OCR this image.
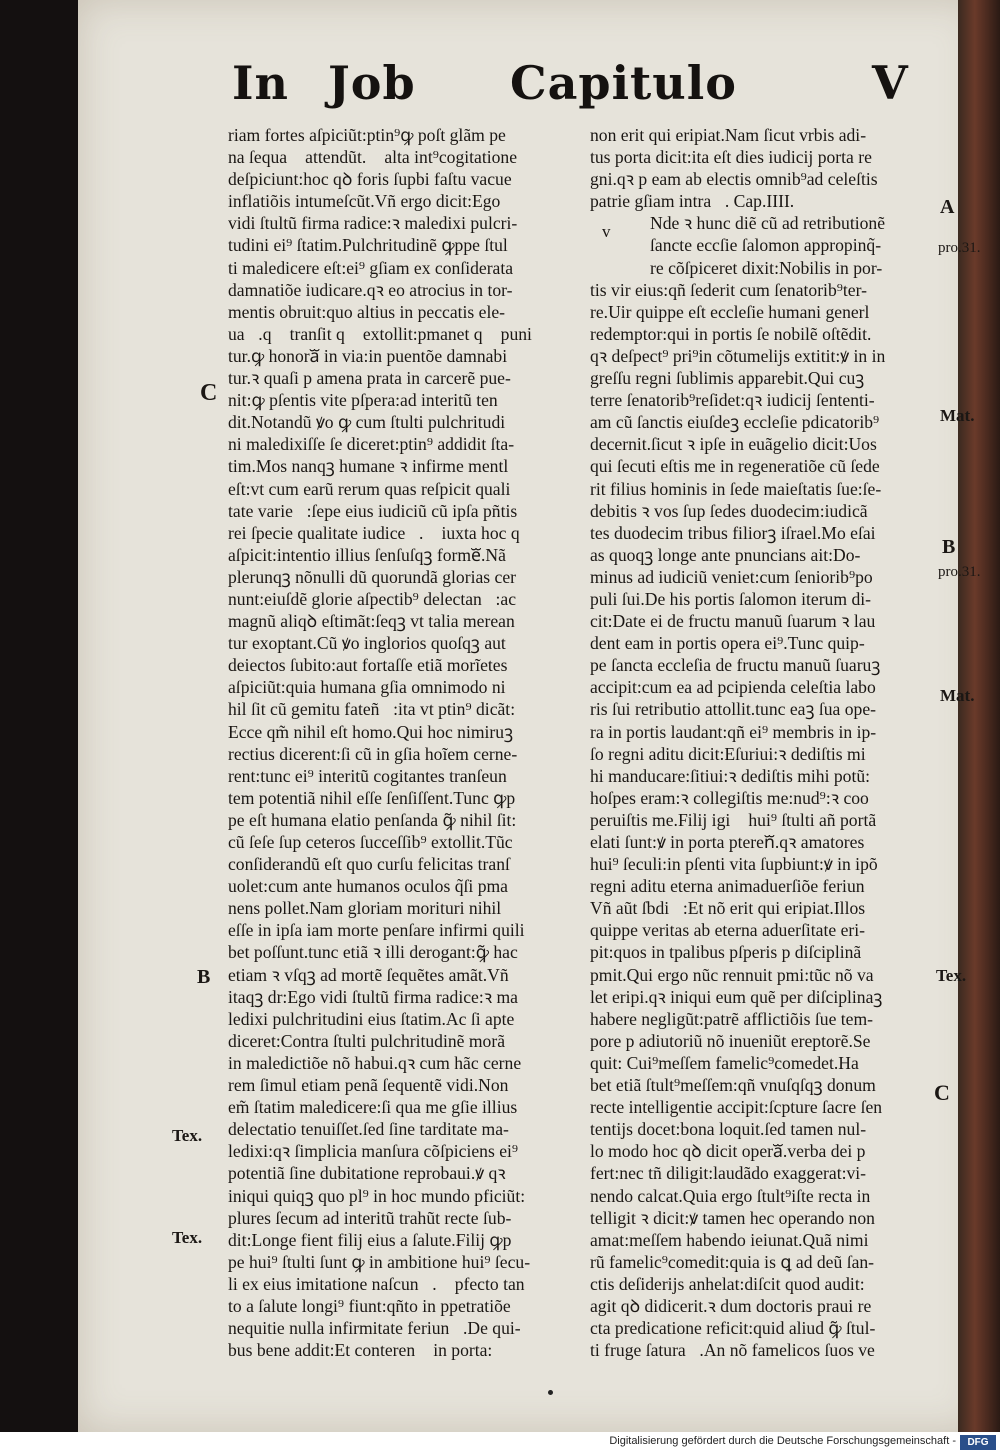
In Job Capitulo	V
riam fortes aſpiciũt:ptin⁹ꝙ poſt glãm pe
na ſequaᷓ attendũt.ꝛ alta int⁹cogitatione
deſpiciunt:hoc qꝺ foris ſupbi faſtu vacue
inflatiõis intumeſcũt.Vñ ergo dicit:Ego
vidi ſtultũ firma radice:ꝛ maledixi pulcri-
tudini ei⁹ ſtatim.Pulchritudinẽ ꝙppe ſtul
ti maledicere eſt:ei⁹ gſiam ex conſiderata
damnatiõe iudicare.qꝛ eo atrocius in tor-
mentis obruit:quo altius in peccatis ele-
uaᷓ.qꝛ tranſit qꝺ extollit:pmanet qꝺ puni
tur.ꝙ honoraᷓ in via:in puentõe damnabi
tur.ꝛ quaſi p amena prata in carcerẽ pue-
nit:ꝙ pſentis vite pſpera:ad interitũ ten
dit.Notandũ ꝟo ꝙ cum ſtulti pulchritudi
ni maledixiſſe ſe diceret:ptin⁹ addidit ſta-
tim.Mos nanqꝫ humane ꝛ infirme mentl
eſt:vt cum earũ rerum quas reſpicit quali
tate varieᷓ:ſepe eius iudiciũ cũ ipſa pñtis
rei ſpecie qualitate iudiceᷓ.ꝛ iuxta hoc qꝺ
aſpicit:intentio illius ſenſuſqꝫ formeᷓ.Nã
plerunqꝫ nõnulli dũ quorundã glorias cer
nunt:eiuſdẽ glorie aſpectib⁹ delectanᷓ:ac
magnũ aliqꝺ eſtimãt:ſeqꝫ vt talia merean
tur exoptant.Cũ ꝟo inglorios quoſqꝫ aut
deiectos ſubito:aut fortaſſe etiã morĩetes
aſpiciũt:quia humana gſia omnimodo ni
hil ſit cũ gemitu fateñᷓ:ita vt ptin⁹ dicãt:
Ecce qm̃ nihil eſt homo.Qui hoc nimiruꝫ
rectius dicerent:ſi cũ in gſia hoĩem cerne-
rent:tunc ei⁹ interitũ cogitantes tranſeun
tem potentiã nihil eſſe ſenſiſſent.Tunc ꝙp
pe eſt humana elatio penſanda ꝙ̃ nihil ſit:
cũ ſeſe ſup ceteros ſucceſſib⁹ extollit.Tũc
conſiderandũ eſt quo curſu felicitas tranſ
uolet:cum ante humanos oculos q̃ſi pma
nens pollet.Nam gloriam morituri nihil
eſſe in ipſa iam morte penſare infirmi quili
bet poſſunt.tunc etiã ꝛ illi derogant:ꝙ̃ hac
etiam ꝛ vſqꝫ ad mortẽ ſequẽtes amãt.Vñ
itaqꝫ dr:Ego vidi ſtultũ firma radice:ꝛ ma
ledixi pulchritudini eius ſtatim.Ac ſi apte
diceret:Contra ſtulti pulchritudinẽ morã
in maledictiõe nõ habui.qꝛ cum hãc cerne
rem ſimul etiam penã ſequentẽ vidi.Non
em̃ ſtatim maledicere:ſi qua me gſie illius
delectatio tenuiſſet.ſed ſine tarditate ma-
ledixi:qꝛ ſimplicia manſura cõſpiciens ei⁹
potentiã ſine dubitatione reprobaui.ꝟ qꝛ
iniqui quiqꝫ quo pl⁹ in hoc mundo pficiũt:
plures ſecum ad interitũ trahũt recte ſub-
dit:Longe fient filij eius a ſalute.Filij ꝙp
pe hui⁹ ſtulti ſunt ꝙ in ambitione hui⁹ ſecu-
li ex eius imitatione naſcunᷓ.ꝙ pfecto tan
to a ſalute longi⁹ fiunt:qñto in ppetratiõe
nequitie nulla infirmitate feriunᷓ.De qui-
bus bene addit:Et conterenᷓ in porta:ꝛ
non erit qui eripiat.Nam ſicut vrbis adi-
tus porta dicit:ita eſt dies iudicij porta re
gni.qꝛ p eam ab electis omnib⁹ad celeſtis
patrie gſiam intraᷓ. Cap.IIII.
Nde ꝛ hunc diẽ cũ ad retributionẽ
ſancte eccſie ſalomon appropinq̃-
re cõſpiceret dixit:Nobilis in por-
tis vir eius:qñ ſederit cum ſenatorib⁹ter-
re.Uir quippe eſt eccleſie humani generl
redemptor:qui in portis ſe nobilẽ oſtẽdit.
qꝛ deſpect⁹ pri⁹in cõtumelijs extitit:ꝟ in in
greſſu regni ſublimis apparebit.Qui cuꝫ
terre ſenatorib⁹reſidet:qꝛ iudicij ſententi-
am cũ ſanctis eiuſdeꝫ eccleſie pdicatorib⁹
decernit.ſicut ꝛ ipſe in euãgelio dicit:Uos
qui ſecuti eſtis me in regeneratiõe cũ ſede
rit filius hominis in ſede maieſtatis ſue:ſe-
debitis ꝛ vos ſup ſedes duodecim:iudicã
tes duodecim tribus filiorꝫ iſrael.Mo eſai
as quoqꝫ longe ante pnuncians ait:Do-
minus ad iudiciũ veniet:cum ſeniorib⁹po
puli ſui.De his portis ſalomon iterum di-
cit:Date ei de fructu manuũ ſuarum ꝛ lau
dent eam in portis opera ei⁹.Tunc quip-
pe ſancta eccleſia de fructu manuũ ſuaruꝫ
accipit:cum ea ad pcipienda celeſtia labo
ris ſui retributio attollit.tunc eaꝫ ſua ope-
ra in portis laudant:qñ ei⁹ membris in ip-
ſo regni aditu dicit:Eſuriui:ꝛ dediſtis mi
hi manducare:ſitiui:ꝛ dediſtis mihi potũ:
hoſpes eram:ꝛ collegiſtis me:nud⁹:ꝛ coo
peruiſtis me.Filij igiᷓ hui⁹ ſtulti añ portã
elati ſunt:ꝟ in porta pterenᷓ.qꝛ amatores
hui⁹ ſeculi:in pſenti vita ſupbiunt:ꝟ in ipõ
regni aditu eterna animaduerſiõe feriunᷓ
Vñ aũt ſbdiᷓ:Et nõ erit qui eripiat.Illos
quippe veritas ab eterna aduerſitate eri-
pit:quos in tpalibus pſperis p diſciplinã
pmit.Qui ergo nũc rennuit pmi:tũc nõ va
let eripi.qꝛ iniqui eum quẽ per diſciplinaꝫ
habere negligũt:patrẽ afflictiõis ſue tem-
pore p adiutoriũ nõ inueniũt ereptorẽ.Se
quit: Cui⁹meſſem famelic⁹comedet.Ha
bet etiã ſtult⁹meſſem:qñ vnuſqſqꝫ donum
recte intelligentie accipit:ſcpture ſacre ſen
tentijs docet:bona loquit.ſed tamen nul-
lo modo hoc qꝺ dicit operaᷓ.verba dei p
fert:nec tñ diligit:laudãdo exaggerat:vi-
nendo calcat.Quia ergo ſtult⁹iſte recta in
telligit ꝛ dicit:ꝟ tamen hec operando non
amat:meſſem habendo ieiunat.Quã nimi
rũ famelic⁹comedit:quia is ꝗ ad deũ ſan-
ctis deſiderijs anhelat:diſcit quod audit:
agit qꝺ didicerit.ꝛ dum doctoris praui re
cta predicatione reficit:quid aliud ꝙ̃ ſtul-
ti fruge ſaturaᷓ.An nõ famelicos ſuos ve
C
B
Tex.
Tex.
A
v
pro.31.
Mat.
B
pro.31.
Mat.
Tex.
C
Digitalisierung gefördert durch die Deutsche Forschungsgemeinschaft -	DFG
